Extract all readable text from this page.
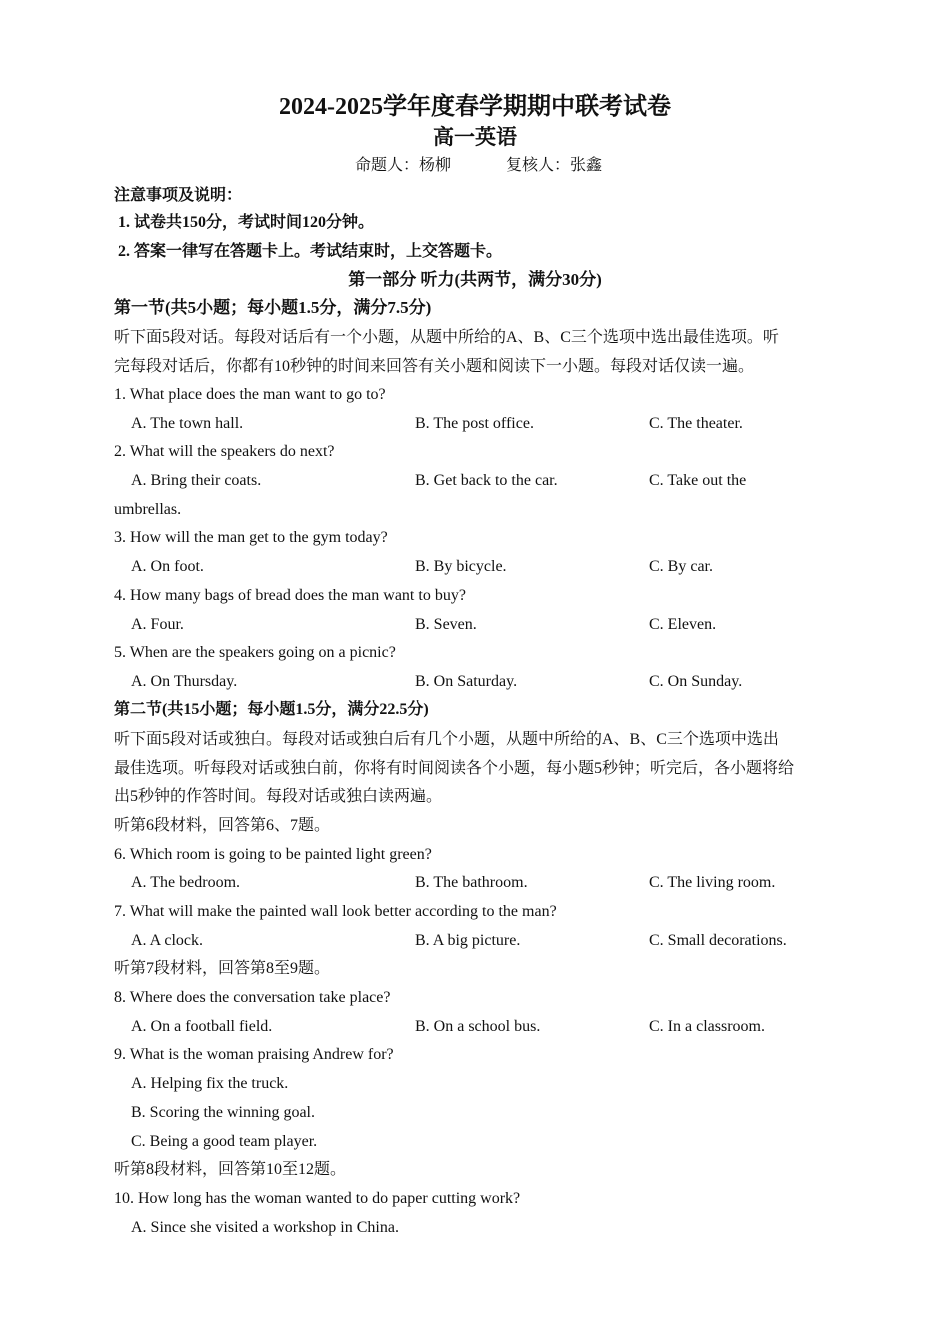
2024-2025学年度春学期期中联考试卷
高一英语
命题人：杨柳	复核人：张鑫
注意事项及说明：
1. 试卷共150分，考试时间120分钟。
2. 答案一律写在答题卡上。考试结束时，上交答题卡。
第一部分 听力(共两节，满分30分)
第一节(共5小题；每小题1.5分，满分7.5分)
听下面5段对话。每段对话后有一个小题，从题中所给的A、B、C三个选项中选出最佳选项。听
完每段对话后，你都有10秒钟的时间来回答有关小题和阅读下一小题。每段对话仅读一遍。
1. What place does the man want to go to?
A. The town hall.	B. The post office.	C. The theater.
2. What will the speakers do next?
A. Bring their coats.	B. Get back to the car.	C. Take out the
umbrellas.
3. How will the man get to the gym today?
A. On foot.	B. By bicycle.	C. By car.
4. How many bags of bread does the man want to buy?
A. Four.	B. Seven.	C. Eleven.
5. When are the speakers going on a picnic?
A. On Thursday.	B. On Saturday.	C. On Sunday.
第二节(共15小题；每小题1.5分，满分22.5分)
听下面5段对话或独白。每段对话或独白后有几个小题，从题中所给的A、B、C三个选项中选出
最佳选项。听每段对话或独白前，你将有时间阅读各个小题，每小题5秒钟；听完后，各小题将给
出5秒钟的作答时间。每段对话或独白读两遍。
听第6段材料，回答第6、7题。
6. Which room is going to be painted light green?
A. The bedroom.	B. The bathroom.	C. The living room.
7. What will make the painted wall look better according to the man?
A. A clock.	B. A big picture.	C. Small decorations.
听第7段材料，回答第8至9题。
8. Where does the conversation take place?
A. On a football field.	B. On a school bus.	C. In a classroom.
9. What is the woman praising Andrew for?
A. Helping fix the truck.
B. Scoring the winning goal.
C. Being a good team player.
听第8段材料，回答第10至12题。
10. How long has the woman wanted to do paper cutting work?
A. Since she visited a workshop in China.
